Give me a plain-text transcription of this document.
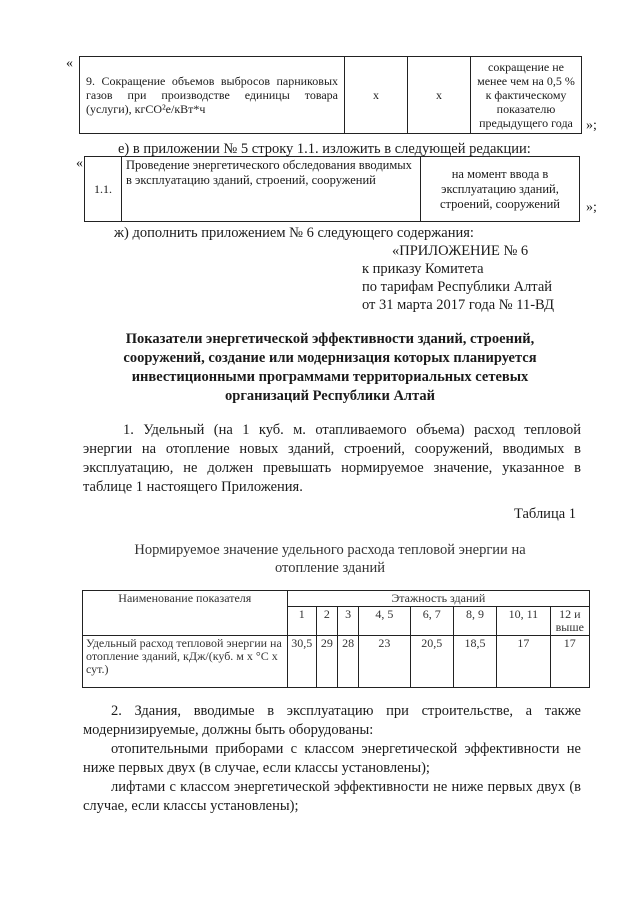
«
»;
9. Сокращение объемов выбросов парниковых газов при производстве единицы товара (услуги), кгCO²e/кВт*ч	x	x	сокращение не менее чем на 0,5 % к фактическому показателю предыдущего года
е) в приложении № 5 строку 1.1. изложить в следующей редакции:
«
»;
1.1.	Проведение энергетического обследования вводимых в эксплуатацию зданий, строений, сооружений	на момент ввода в эксплуатацию зданий, строений, сооружений
ж) дополнить приложением № 6 следующего содержания:
«ПРИЛОЖЕНИЕ № 6
к приказу Комитета
по тарифам Республики Алтай
от 31 марта 2017 года № 11-ВД
Показатели энергетической эффективности зданий, строений,
сооружений, создание или модернизация которых планируется
инвестиционными программами территориальных сетевых
организаций Республики Алтай
1. Удельный (на 1 куб. м. отапливаемого объема) расход тепловой энергии на отопление новых зданий, строений, сооружений, вводимых в эксплуатацию, не должен превышать нормируемое значение, указанное в таблице 1 настоящего Приложения.
Таблица 1
Нормируемое значение удельного расхода тепловой энергии на
отопление зданий
Наименование показателя	Этажность зданий							
	1	2	3	4, 5	6, 7	8, 9	10, 11	12 и выше
Удельный расход тепловой энергии на отопление зданий, кДж/(куб. м х °С х сут.)	30,5	29	28	23	20,5	18,5	17	17
2. Здания, вводимые в эксплуатацию при строительстве, а также модернизируемые, должны быть оборудованы:
отопительными приборами с классом энергетической эффективности не ниже первых двух (в случае, если классы установлены);
лифтами с классом энергетической эффективности не ниже первых двух (в случае, если классы установлены);
